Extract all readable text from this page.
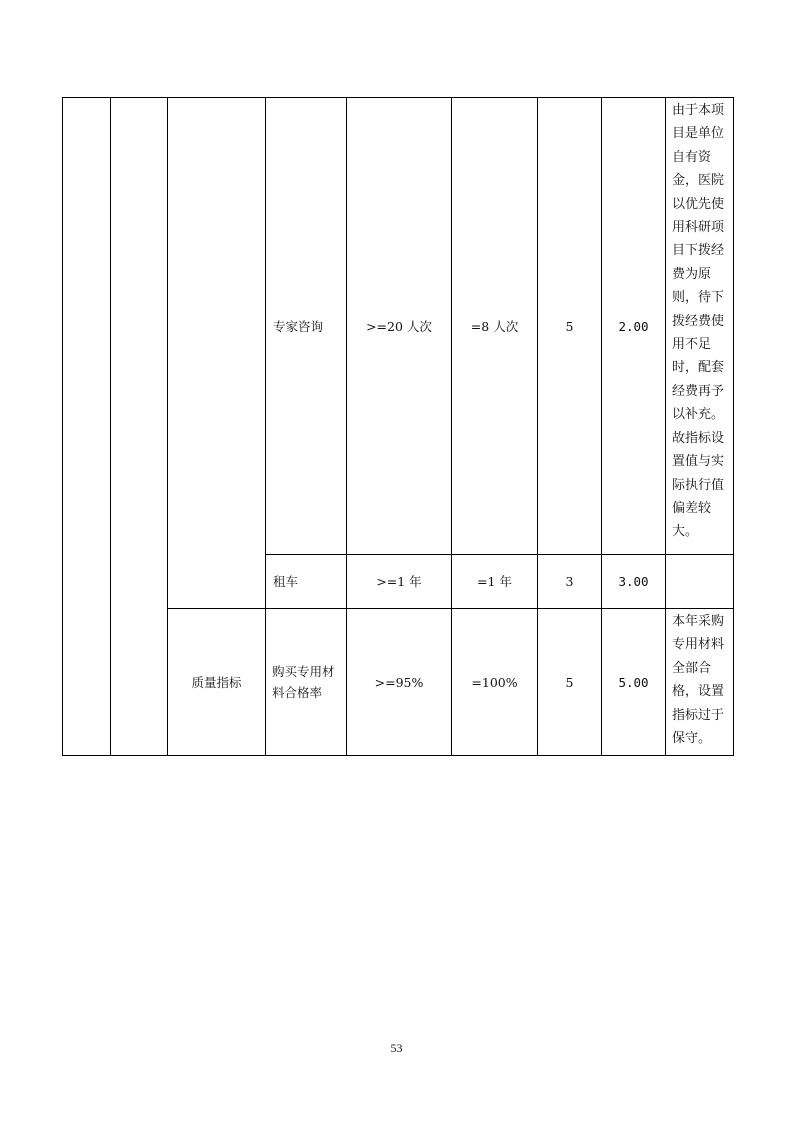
			专家咨询	>=20 人次	=8 人次	5	2.00	由于本项目是单位自有资金，医院以优先使用科研项目下拨经费为原则，待下拨经费使用不足时，配套经费再予以补充。故指标设置值与实际执行值偏差较大。
			租车	>=1 年	=1 年	3	3.00	
		质量指标	购买专用材料合格率	>=95%	=100%	5	5.00	本年采购专用材料全部合格，设置指标过于保守。
53
